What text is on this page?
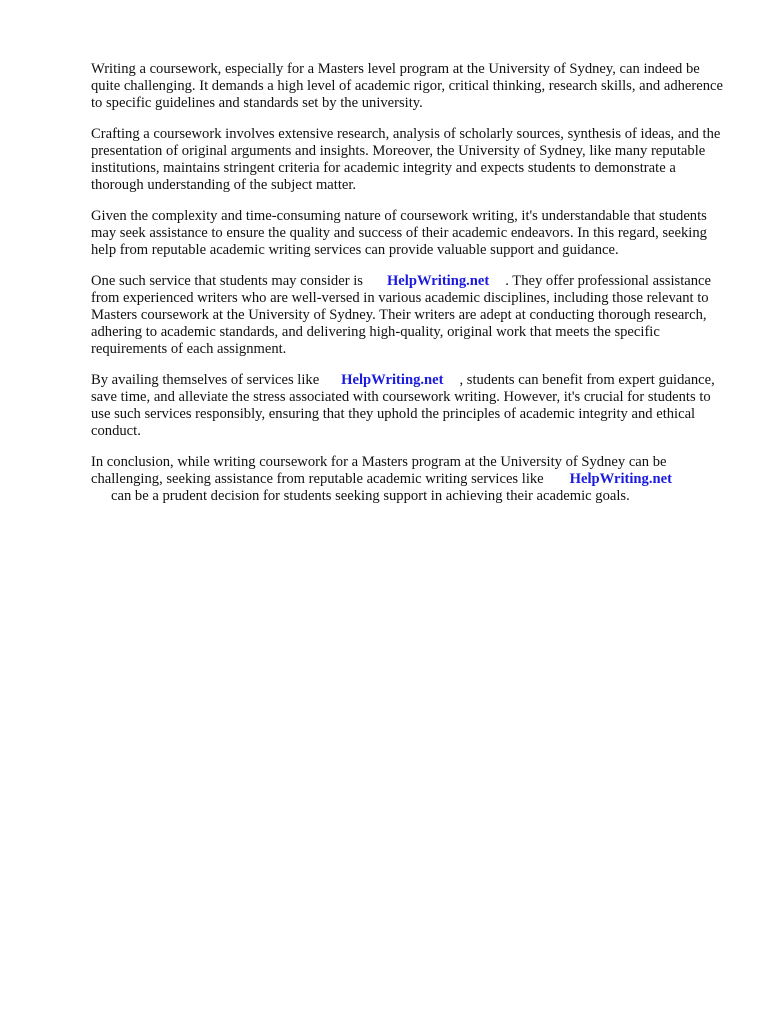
Writing a coursework, especially for a Masters level program at the University of Sydney, can indeed be quite challenging. It demands a high level of academic rigor, critical thinking, research skills, and adherence to specific guidelines and standards set by the university.

Crafting a coursework involves extensive research, analysis of scholarly sources, synthesis of ideas, and the presentation of original arguments and insights. Moreover, the University of Sydney, like many reputable institutions, maintains stringent criteria for academic integrity and expects students to demonstrate a thorough understanding of the subject matter.

Given the complexity and time-consuming nature of coursework writing, it's understandable that students may seek assistance to ensure the quality and success of their academic endeavors. In this regard, seeking help from reputable academic writing services can provide valuable support and guidance.

One such service that students may consider is HelpWriting.net . They offer professional assistance from experienced writers who are well-versed in various academic disciplines, including those relevant to Masters coursework at the University of Sydney. Their writers are adept at conducting thorough research, adhering to academic standards, and delivering high-quality, original work that meets the specific requirements of each assignment.

By availing themselves of services like HelpWriting.net , students can benefit from expert guidance, save time, and alleviate the stress associated with coursework writing. However, it's crucial for students to use such services responsibly, ensuring that they uphold the principles of academic integrity and ethical conduct.

In conclusion, while writing coursework for a Masters program at the University of Sydney can be challenging, seeking assistance from reputable academic writing services like HelpWriting.net
can be a prudent decision for students seeking support in achieving their academic goals.
